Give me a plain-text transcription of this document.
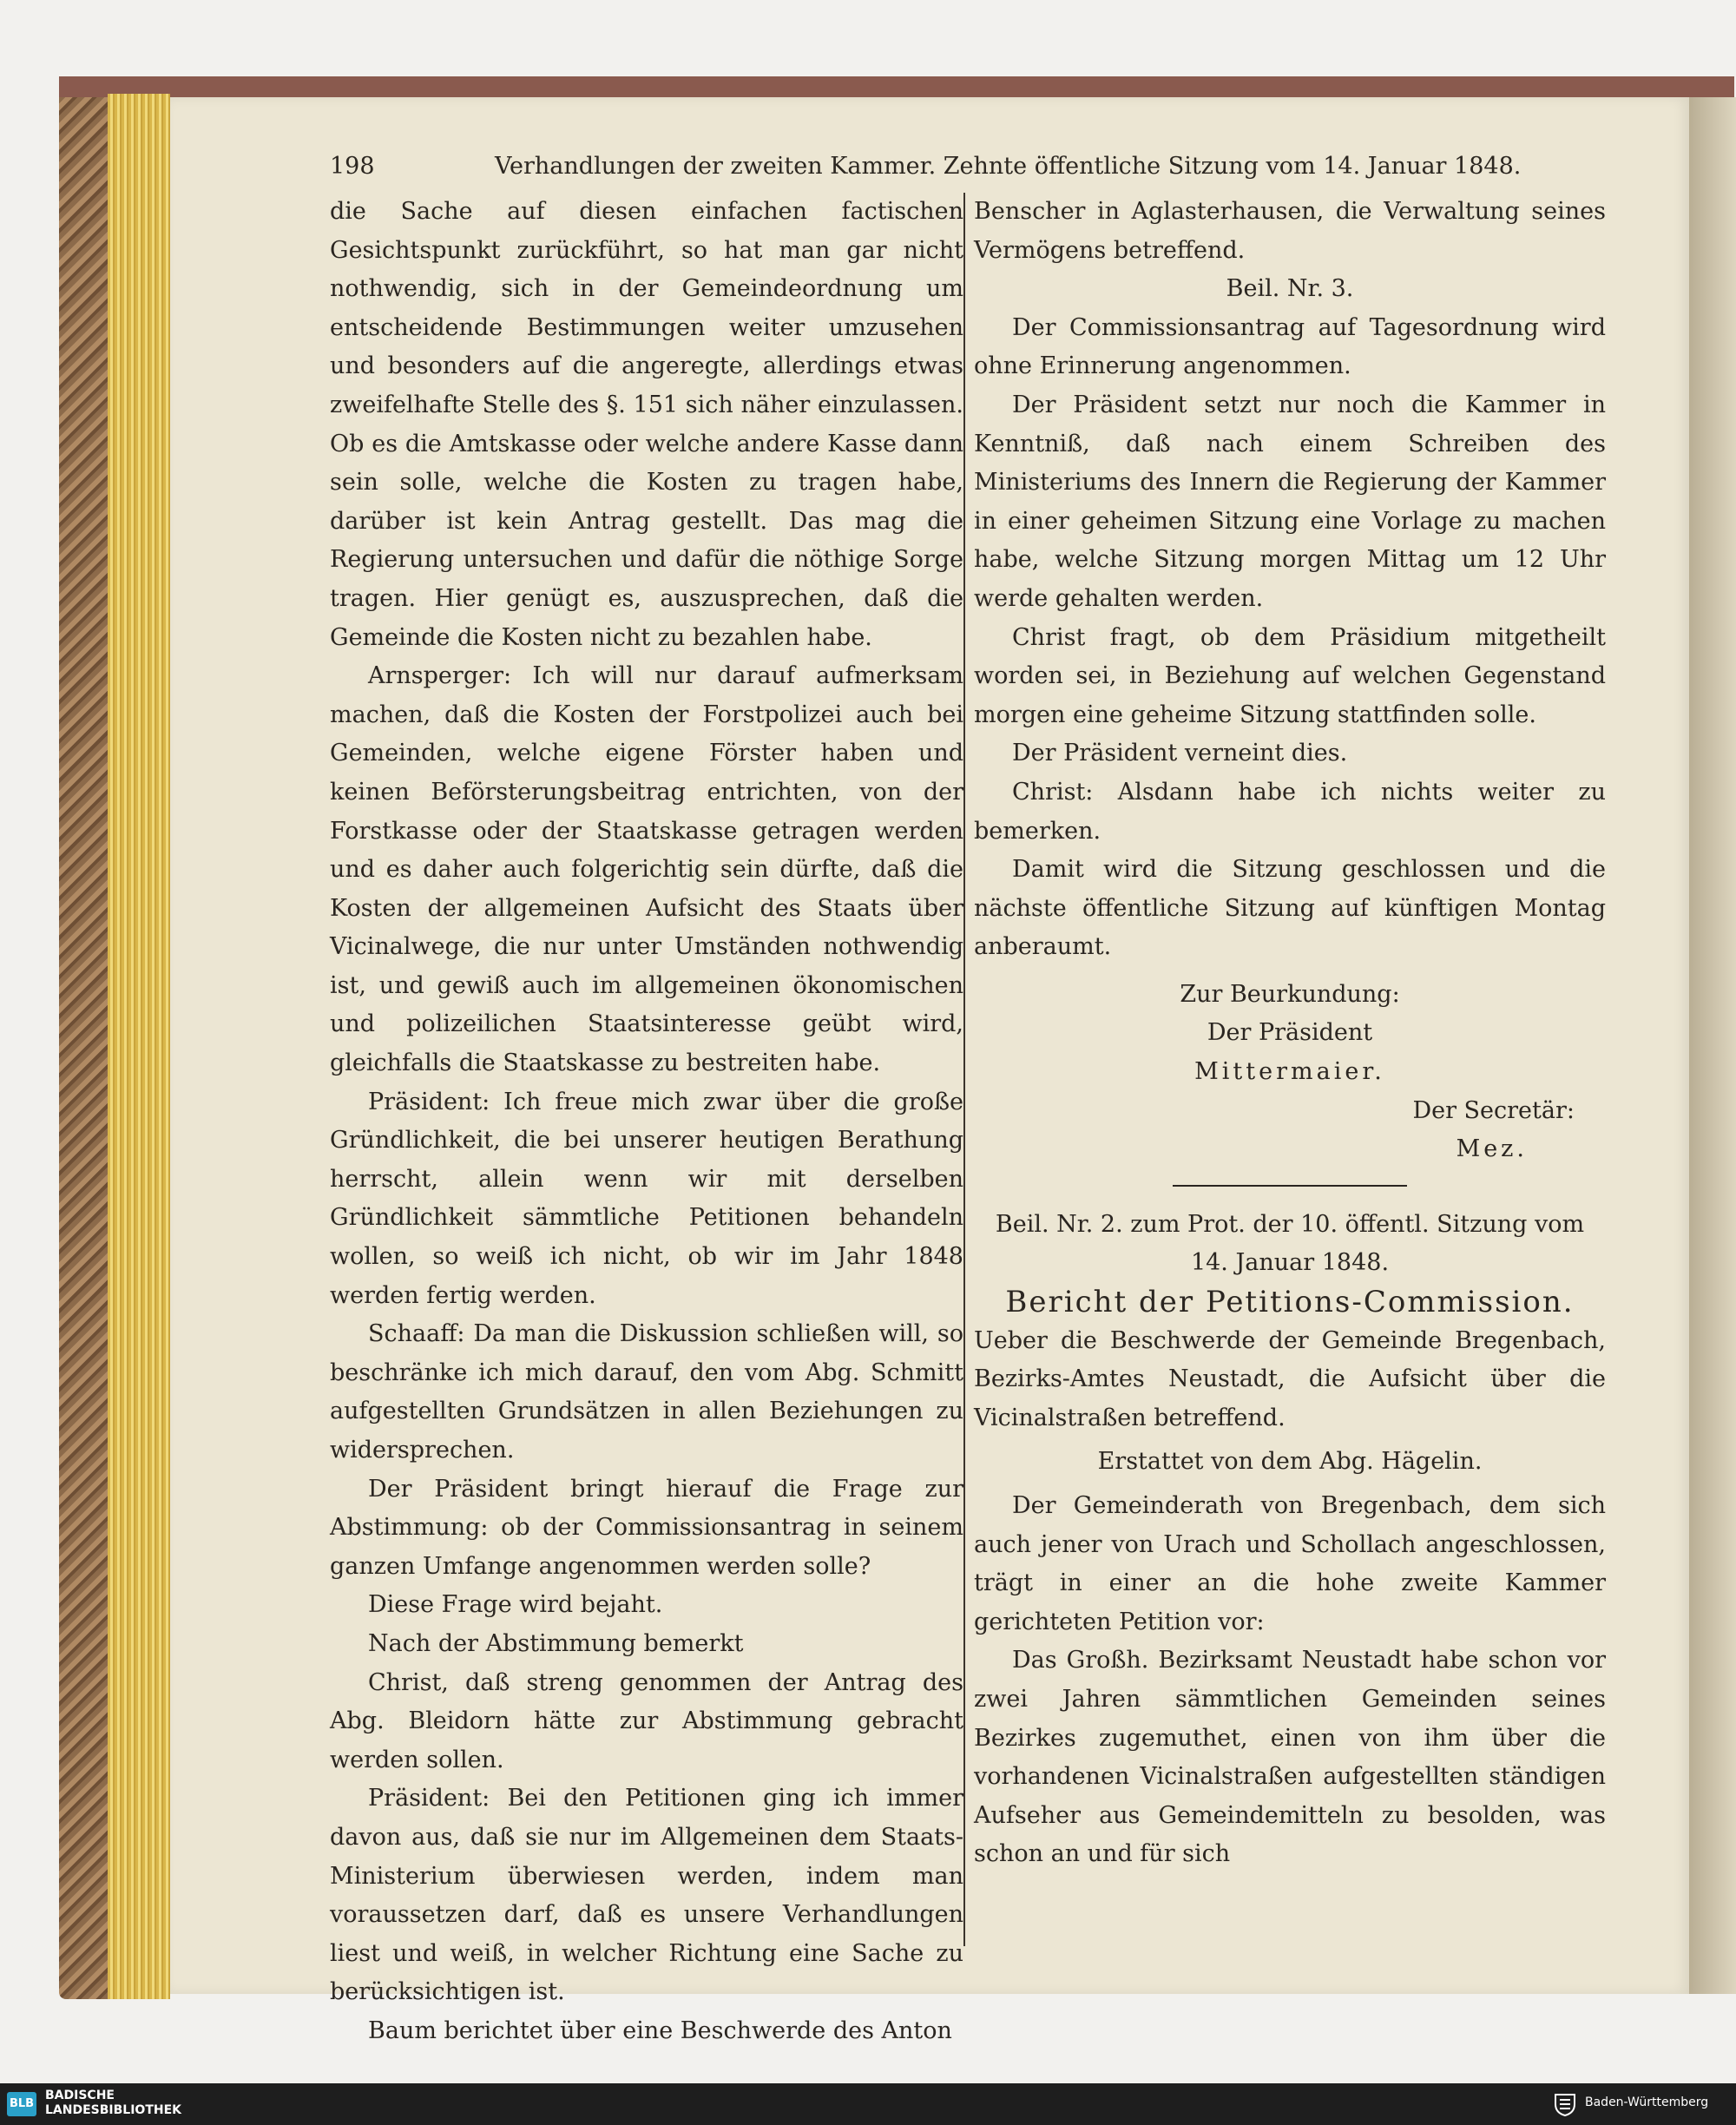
198	Verhandlungen der zweiten Kammer. Zehnte öffentliche Sitzung vom 14. Januar 1848.

die Sache auf diesen einfachen factischen Gesichtspunkt zurückführt, so hat man gar nicht nothwendig, sich in der Gemeindeordnung um entscheidende Bestimmungen weiter umzusehen und besonders auf die angeregte, allerdings etwas zweifelhafte Stelle des §. 151 sich näher einzulassen. Ob es die Amtskasse oder welche andere Kasse dann sein solle, welche die Kosten zu tragen habe, darüber ist kein Antrag gestellt. Das mag die Regierung untersuchen und dafür die nöthige Sorge tragen. Hier genügt es, auszusprechen, daß die Gemeinde die Kosten nicht zu bezahlen habe.

Arnsperger: Ich will nur darauf aufmerksam machen, daß die Kosten der Forstpolizei auch bei Gemeinden, welche eigene Förster haben und keinen Beförsterungsbeitrag entrichten, von der Forstkasse oder der Staatskasse getragen werden und es daher auch folgerichtig sein dürfte, daß die Kosten der allgemeinen Aufsicht des Staats über Vicinalwege, die nur unter Umständen nothwendig ist, und gewiß auch im allgemeinen ökonomischen und polizeilichen Staatsinteresse geübt wird, gleichfalls die Staatskasse zu bestreiten habe.

Präsident: Ich freue mich zwar über die große Gründlichkeit, die bei unserer heutigen Berathung herrscht, allein wenn wir mit derselben Gründlichkeit sämmtliche Petitionen behandeln wollen, so weiß ich nicht, ob wir im Jahr 1848 werden fertig werden.

Schaaff: Da man die Diskussion schließen will, so beschränke ich mich darauf, den vom Abg. Schmitt aufgestellten Grundsätzen in allen Beziehungen zu widersprechen.

Der Präsident bringt hierauf die Frage zur Abstimmung: ob der Commissionsantrag in seinem ganzen Umfange angenommen werden solle?

Diese Frage wird bejaht.

Nach der Abstimmung bemerkt

Christ, daß streng genommen der Antrag des Abg. Bleidorn hätte zur Abstimmung gebracht werden sollen.

Präsident: Bei den Petitionen ging ich immer davon aus, daß sie nur im Allgemeinen dem Staats-Ministerium überwiesen werden, indem man voraussetzen darf, daß es unsere Verhandlungen liest und weiß, in welcher Richtung eine Sache zu berücksichtigen ist.

Baum berichtet über eine Beschwerde des Anton

Benscher in Aglasterhausen, die Verwaltung seines Vermögens betreffend.

Beil. Nr. 3.

Der Commissionsantrag auf Tagesordnung wird ohne Erinnerung angenommen.

Der Präsident setzt nur noch die Kammer in Kenntniß, daß nach einem Schreiben des Ministeriums des Innern die Regierung der Kammer in einer geheimen Sitzung eine Vorlage zu machen habe, welche Sitzung morgen Mittag um 12 Uhr werde gehalten werden.

Christ fragt, ob dem Präsidium mitgetheilt worden sei, in Beziehung auf welchen Gegenstand morgen eine geheime Sitzung stattfinden solle.

Der Präsident verneint dies.

Christ: Alsdann habe ich nichts weiter zu bemerken.

Damit wird die Sitzung geschlossen und die nächste öffentliche Sitzung auf künftigen Montag anberaumt.

Zur Beurkundung:

Der Präsident

Mittermaier.

Der Secretär:

Mez.

Beil. Nr. 2. zum Prot. der 10. öffentl. Sitzung vom 14. Januar 1848.

Bericht der Petitions-Commission.

Ueber die Beschwerde der Gemeinde Bregenbach, Bezirks-Amtes Neustadt, die Aufsicht über die Vicinalstraßen betreffend.

Erstattet von dem Abg. Hägelin.

Der Gemeinderath von Bregenbach, dem sich auch jener von Urach und Schollach angeschlossen, trägt in einer an die hohe zweite Kammer gerichteten Petition vor:

Das Großh. Bezirksamt Neustadt habe schon vor zwei Jahren sämmtlichen Gemeinden seines Bezirkes zugemuthet, einen von ihm über die vorhandenen Vicinalstraßen aufgestellten ständigen Aufseher aus Gemeindemitteln zu besolden, was schon an und für sich

BLB
BADISCHE
LANDESBIBLIOTHEK
Baden-Württemberg
